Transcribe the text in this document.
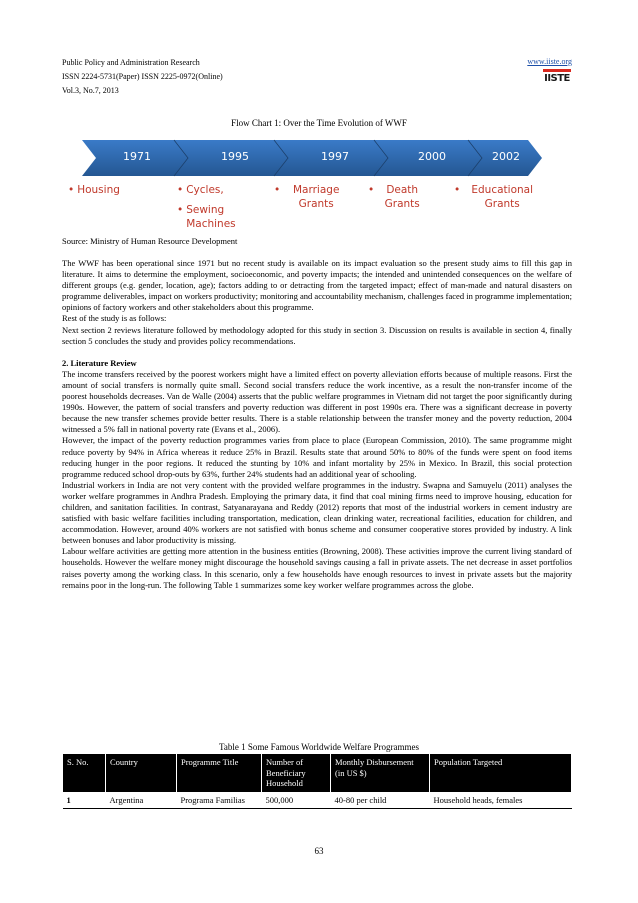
Public Policy and Administration Research
ISSN 2224-5731(Paper) ISSN 2225-0972(Online)
Vol.3, No.7, 2013
www.iiste.org
IISTE
Flow Chart 1: Over the Time Evolution of WWF
1971	1995	1997	2000	2002
• Housing	• Cycles,
• Sewing Machines
• Marriage Grants
• Death Grants
• Educational Grants
Source: Ministry of Human Resource Development

The WWF has been operational since 1971 but no recent study is available on its impact evaluation so the present study aims to fill this gap in literature. It aims to determine the employment, socioeconomic, and poverty impacts; the intended and unintended consequences on the welfare of different groups (e.g. gender, location, age); factors adding to or detracting from the targeted impact; effect of man-made and natural disasters on programme deliverables, impact on workers productivity; monitoring and accountability mechanism, challenges faced in programme implementation; opinions of factory workers and other stakeholders about this programme.

Rest of the study is as follows:

Next section 2 reviews literature followed by methodology adopted for this study in section 3. Discussion on results is available in section 4, finally section 5 concludes the study and provides policy recommendations.

2. Literature Review

The income transfers received by the poorest workers might have a limited effect on poverty alleviation efforts because of multiple reasons. First the amount of social transfers is normally quite small. Second social transfers reduce the work incentive, as a result the non-transfer income of the poorest households decreases. Van de Walle (2004) asserts that the public welfare programmes in Vietnam did not target the poor significantly during 1990s. However, the pattern of social transfers and poverty reduction was different in post 1990s era. There was a significant decrease in poverty because the new transfer schemes provide better results. There is a stable relationship between the transfer money and the poverty reduction, 2004 witnessed a 5% fall in national poverty rate (Evans et al., 2006).

However, the impact of the poverty reduction programmes varies from place to place (European Commission, 2010). The same programme might reduce poverty by 94% in Africa whereas it reduce 25% in Brazil. Results state that around 50% to 80% of the funds were spent on food items reducing hunger in the poor regions. It reduced the stunting by 10% and infant mortality by 25% in Mexico. In Brazil, this social protection programme reduced school drop-outs by 63%, further 24% students had an additional year of schooling.

Industrial workers in India are not very content with the provided welfare programmes in the industry. Swapna and Samuyelu (2011) analyses the worker welfare programmes in Andhra Pradesh. Employing the primary data, it find that coal mining firms need to improve housing, education for children, and sanitation facilities. In contrast, Satyanarayana and Reddy (2012) reports that most of the industrial workers in cement industry are satisfied with basic welfare facilities including transportation, medication, clean drinking water, recreational facilities, education for children, and accommodation. However, around 40% workers are not satisfied with bonus scheme and consumer cooperative stores provided by industry. A link between bonuses and labor productivity is missing.

Labour welfare activities are getting more attention in the business entities (Browning, 2008). These activities improve the current living standard of households. However the welfare money might discourage the household savings causing a fall in private assets. The net decrease in asset portfolios raises poverty among the working class. In this scenario, only a few households have enough resources to invest in private assets but the majority remains poor in the long-run. The following Table 1 summarizes some key worker welfare programmes across the globe.

Table 1 Some Famous Worldwide Welfare Programmes
S. No.	Country	Programme Title	Number of Beneficiary Household	Monthly Disbursement (in US $)	Population Targeted
1	Argentina	Programa Familias	500,000	40-80 per child	Household heads, females
63
